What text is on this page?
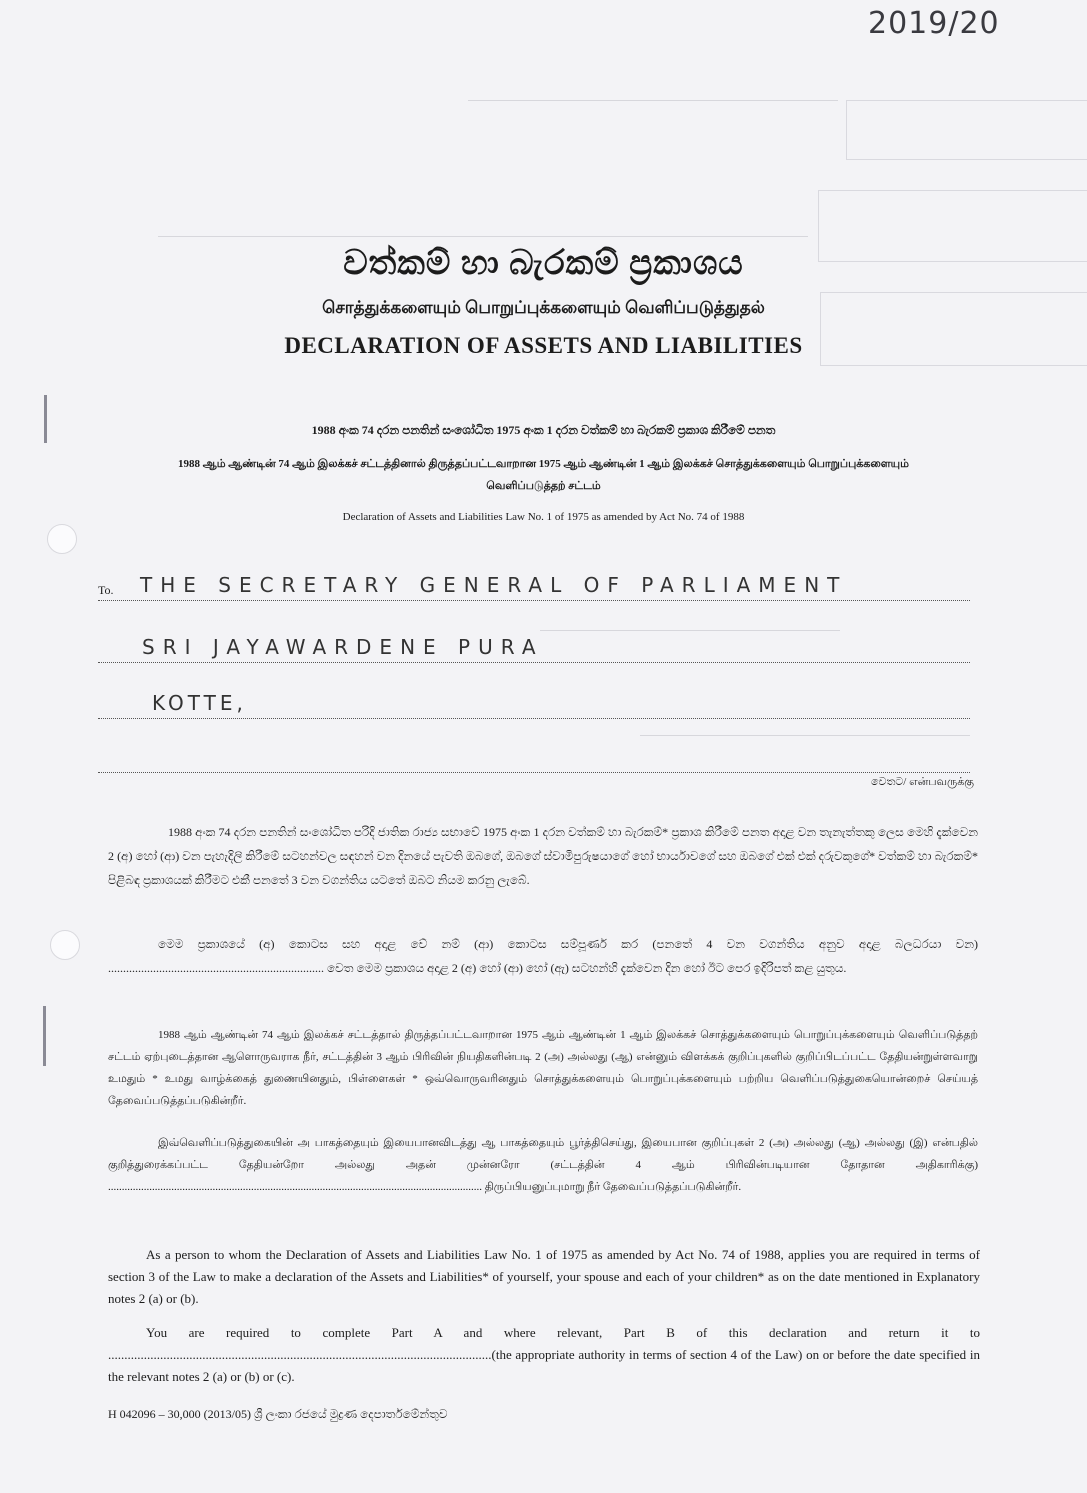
2019/20
වත්කම් හා බැරකම් ප්‍රකාශය
சொத்துக்களையும் பொறுப்புக்களையும் வெளிப்படுத்துதல்
DECLARATION OF ASSETS AND LIABILITIES
1988 අංක 74 දරන පනතින් සංශෝධිත 1975 අංක 1 දරන වත්කම් හා බැරකම් ප්‍රකාශ කිරීමේ පනත
1988 ஆம் ஆண்டின் 74 ஆம் இலக்கச் சட்டத்தினால் திருத்தப்பட்டவாறான 1975 ஆம் ஆண்டின் 1 ஆம் இலக்கச் சொத்துக்களையும் பொறுப்புக்களையும்
வெளிப்படுத்தற் சட்டம்
Declaration of Assets and Liabilities Law No. 1 of 1975 as amended by Act No. 74 of 1988
To. THE SECRETARY GENERAL OF PARLIAMENT
SRI JAYAWARDENE PURA
KOTTE,
වෙතට/ என்பவருக்கு
1988 අංක 74 දරන පනතින් සංශෝධිත පරිදි ජාතික රාජ්‍ය සභාවේ 1975 අංක 1 දරන වත්කම් හා බැරකම්* ප්‍රකාශ කිරීමේ පනත අදාළ වන තැනැත්තකු ලෙස මෙහි දැක්වෙන 2 (අ) හෝ (ආ) වන පැහැදිලි කිරීමේ සටහන්වල සඳහන් වන දිනයේ පැවති ඔබගේ, ඔබගේ ස්වාමිපුරුෂයාගේ හෝ භාර්යාවගේ සහ ඔබගේ එක් එක් දරුවකුගේ* වත්කම් හා බැරකම්* පිළිබඳ ප්‍රකාශයක් කිරීමට එකී පනතේ 3 වන වගන්තිය යටතේ ඔබට නියම කරනු ලැබේ.
මෙම ප්‍රකාශයේ (අ) කොටස සහ අදාළ වේ නම් (ආ) කොටස සම්පූර්ණ කර (පනතේ 4 වන වගන්තිය අනුව අදාළ බලධරයා වන) ........................................................................ වෙත මෙම ප්‍රකාශය අදාළ 2 (අ) හෝ (ආ) හෝ (ඇ) සටහන්හි දැක්වෙන දින හෝ ඊට පෙර ඉදිරිපත් කළ යුතුය.
1988 ஆம் ஆண்டின் 74 ஆம் இலக்கச் சட்டத்தால் திருத்தப்பட்டவாறான 1975 ஆம் ஆண்டின் 1 ஆம் இலக்கச் சொத்துக்களையும் பொறுப்புக்களையும் வெளிப்படுத்தற் சட்டம் ஏற்புடைத்தான ஆளொருவராக நீர், சட்டத்தின் 3 ஆம் பிரிவின் நியதிகளின்படி 2 (அ) அல்லது (ஆ) என்னும் விளக்கக் குறிப்புகளில் குறிப்பிடப்பட்ட தேதியன்றுள்ளவாறு உமதும் * உமது வாழ்க்கைத் துணையினதும், பிள்ளைகள் * ஒவ்வொருவரினதும் சொத்துக்களையும் பொறுப்புக்களையும் பற்றிய வெளிப்படுத்துகையொன்றைச் செய்யத் தேவைப்படுத்தப்படுகின்றீர்.
இவ்வெளிப்படுத்துகையின் அ பாகத்தையும் இயைபானவிடத்து ஆ பாகத்தையும் பூர்த்திசெய்து, இயைபான குறிப்புகள் 2 (அ) அல்லது (ஆ) அல்லது (இ) என்பதில் குறித்துரைக்கப்பட்ட தேதியன்றோ அல்லது அதன் முன்னரோ (சட்டத்தின் 4 ஆம் பிரிவின்படியான தோதான அதிகாரிக்கு) ........................................................................................................................................ திருப்பியனுப்புமாறு நீர் தேவைப்படுத்தப்படுகின்றீர்.
As a person to whom the Declaration of Assets and Liabilities Law No. 1 of 1975 as amended by Act No. 74 of 1988, applies you are required in terms of section 3 of the Law to make a declaration of the Assets and Liabilities* of yourself, your spouse and each of your children* as on the date mentioned in Explanatory notes 2 (a) or (b).
You are required to complete Part A and where relevant, Part B of this declaration and return it to ......................................................................................................................(the appropriate authority in terms of section 4 of the Law) on or before the date specified in the relevant notes 2 (a) or (b) or (c).
H 042096 – 30,000 (2013/05) ශ්‍රී ලංකා රජයේ මුද්‍රණ දෙපාර්තමේන්තුව
